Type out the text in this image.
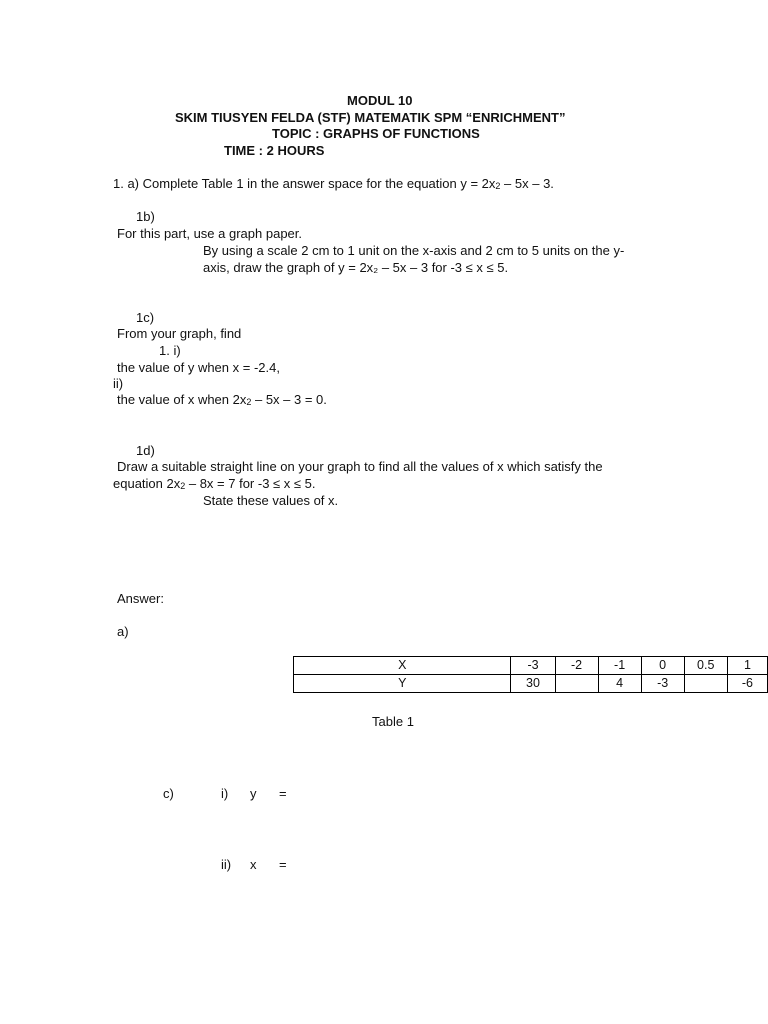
MODUL 10
SKIM TIUSYEN FELDA (STF) MATEMATIK SPM “ENRICHMENT”
TOPIC : GRAPHS OF FUNCTIONS
TIME : 2 HOURS
1. a) Complete Table 1 in the answer space for the equation $y = 2x_2 - 5x - 3$.
1b)
For this part, use a graph paper.
By using a scale 2 cm to 1 unit on the x-axis and 2 cm to 5 units on the y-
axis, draw the graph of y = 2x₂ – 5x – 3 for -3 ≤ x ≤ 5.
1c)
From your graph, find
1. i)
the value of y when x = -2.4,
ii)
the value of x when $2x_2 - 5x - 3 = 0$.
1d)
Draw a suitable straight line on your graph to find all the values of x which satisfy the
equation $2x_2 - 8x = 7$ for -3 ≤ x ≤ 5.
State these values of x.
Answer:
a)
X	-3	-2	-1	0	0.5	1
Y	30		4	-3		-6
Table 1
c)	i) y =
ii) x =
